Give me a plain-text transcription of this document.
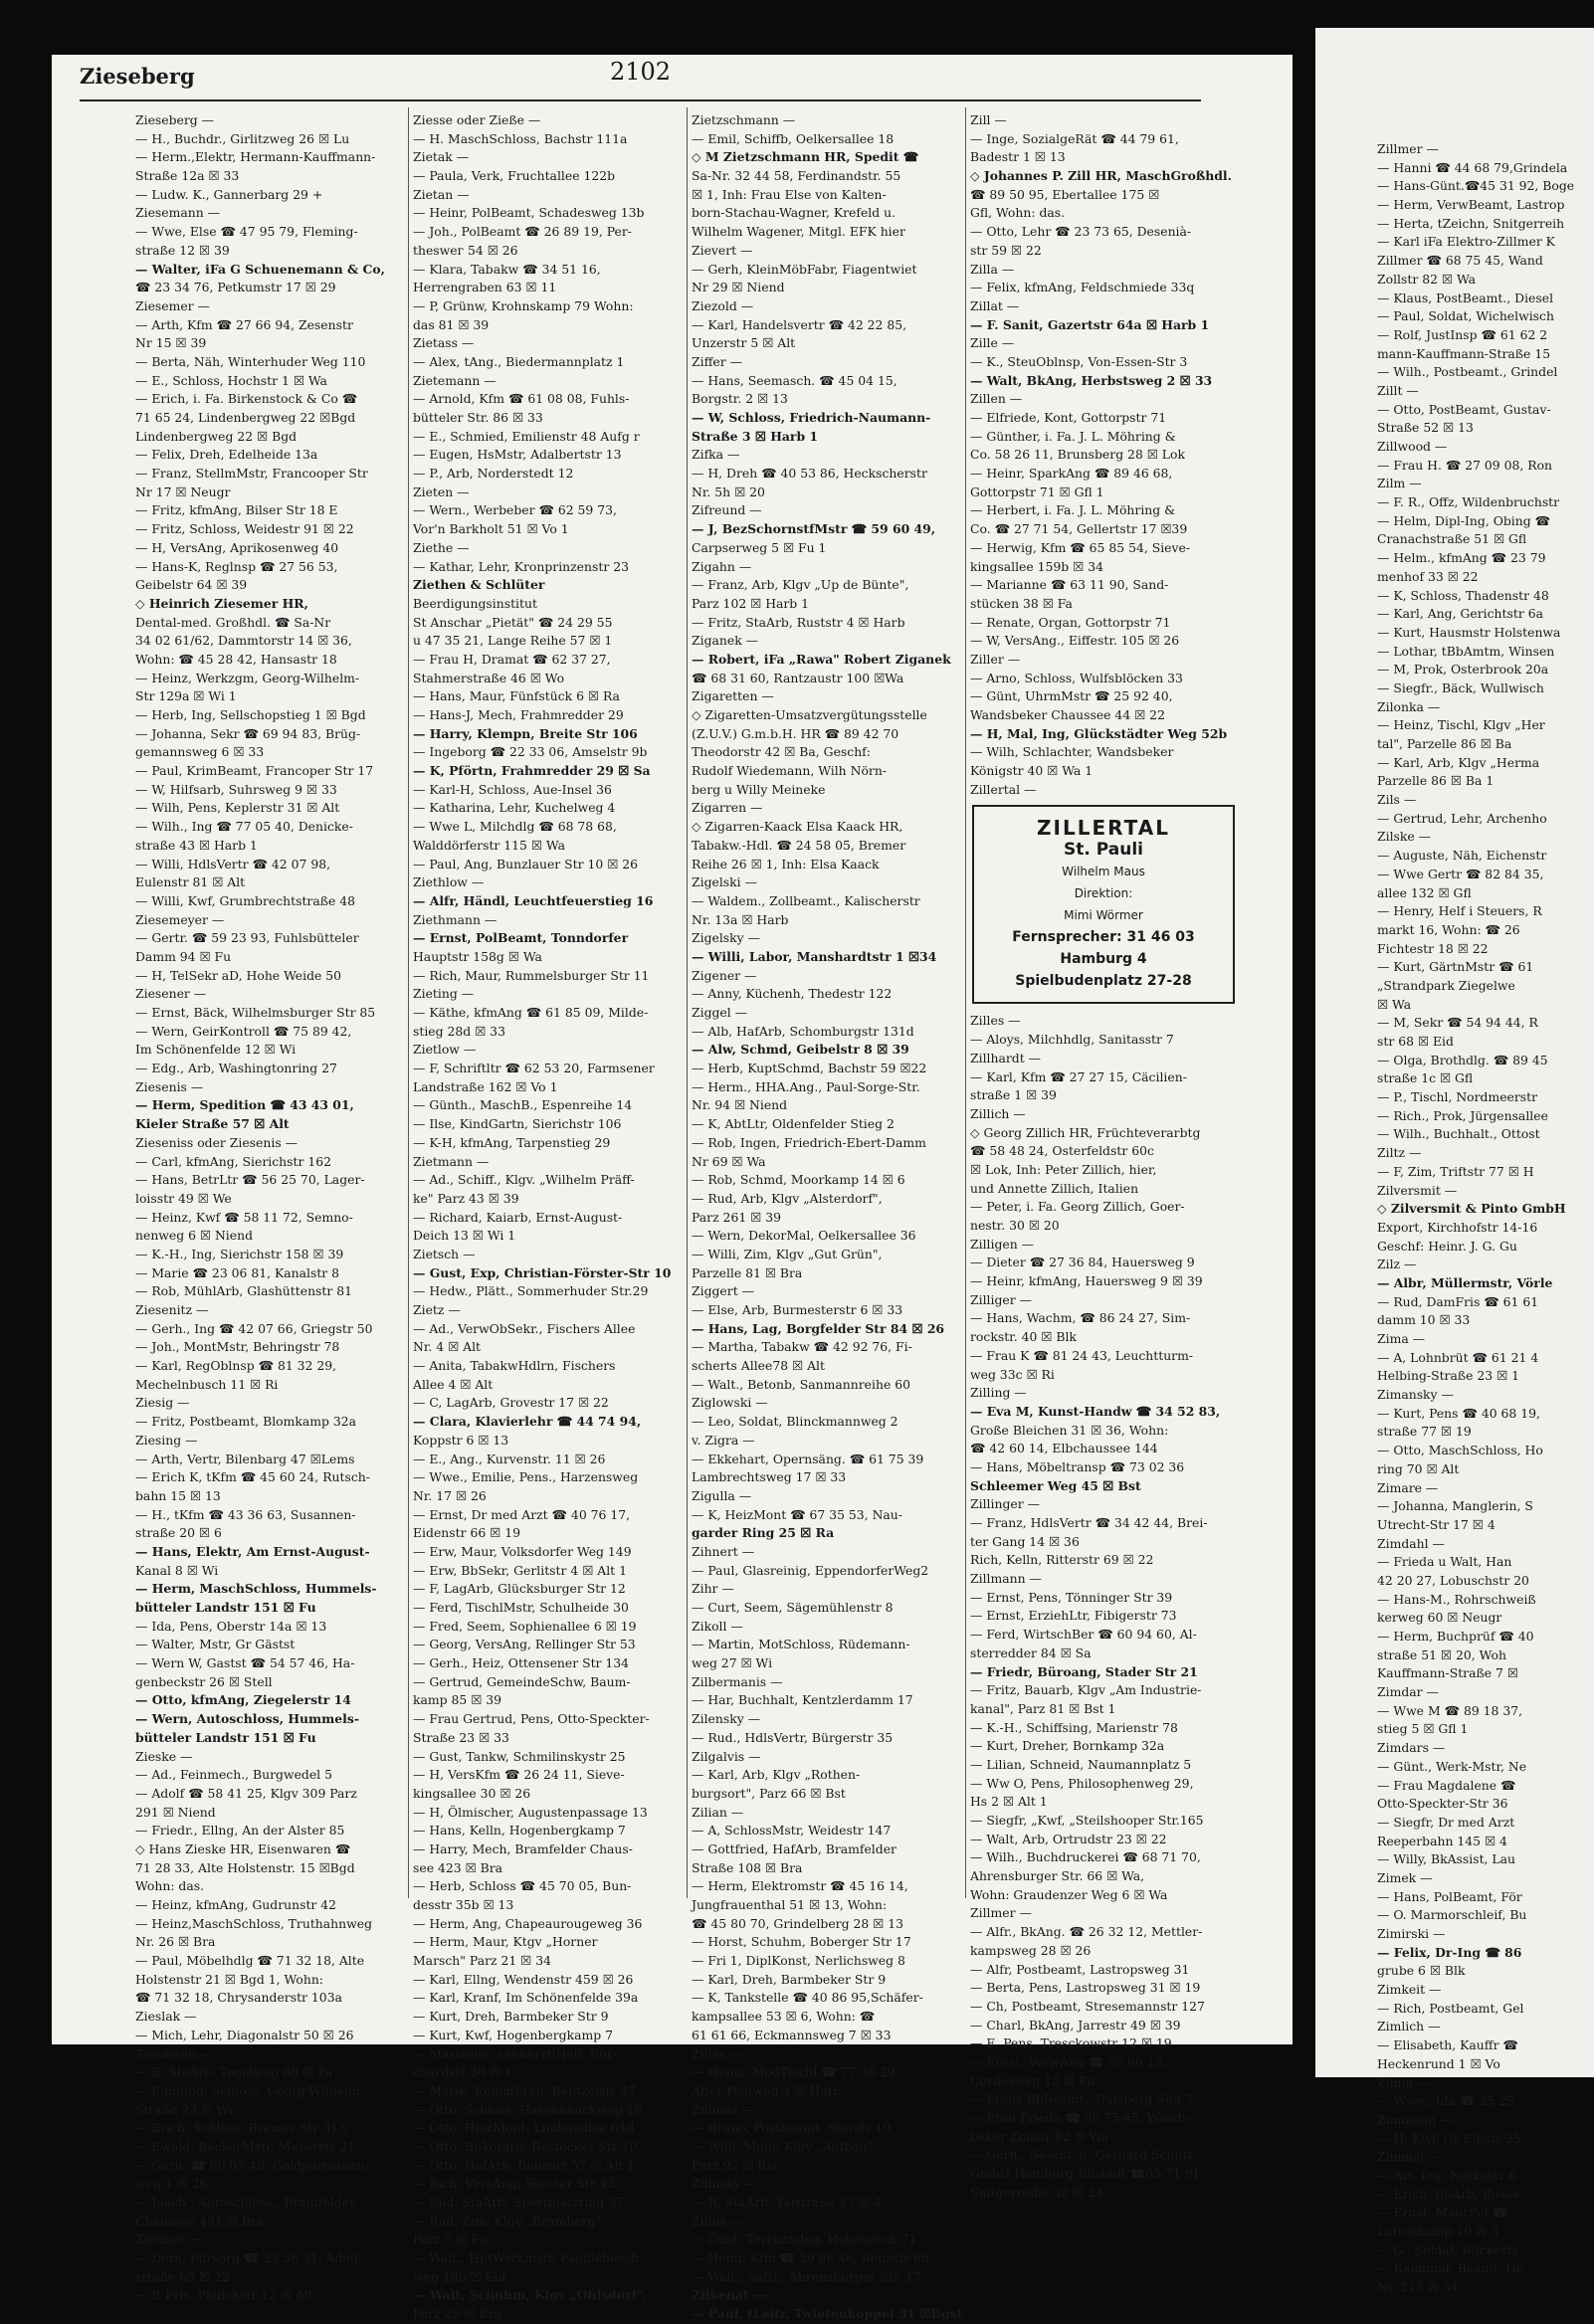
Zillmer —
— Hanni ☎ 44 68 79,Grindela
— Hans-Günt.☎45 31 92, Boge
— Herm, VerwBeamt, Lastrop
— Herta, tZeichn, Snitgerreih
— Karl iFa Elektro-Zillmer K
Zillmer ☎ 68 75 45, Wand
Zollstr 82 ☒ Wa
— Klaus, PostBeamt., Diesel
— Paul, Soldat, Wichelwisch
— Rolf, JustInsp ☎ 61 62 2
mann-Kauffmann-Straße 15
— Wilh., Postbeamt., Grindel
Zillt —
— Otto, PostBeamt, Gustav-
Straße 52 ☒ 13
Zillwood —
— Frau H. ☎ 27 09 08, Ron
Zilm —
— F. R., Offz, Wildenbruchstr
— Helm, Dipl-Ing, Obing ☎
Cranachstraße 51 ☒ Gfl
— Helm., kfmAng ☎ 23 79
menhof 33 ☒ 22
— K, Schloss, Thadenstr 48
— Karl, Ang, Gerichtstr 6a
— Kurt, Hausmstr Holstenwa
— Lothar, tBbAmtm, Winsen
— M, Prok, Osterbrook 20a
— Siegfr., Bäck, Wullwisch
Zilonka —
— Heinz, Tischl, Klgv „Her
tal", Parzelle 86 ☒ Ba
— Karl, Arb, Klgv „Herma
Parzelle 86 ☒ Ba 1
Zils —
— Gertrud, Lehr, Archenho
Zilske —
— Auguste, Näh, Eichenstr
— Wwe Gertr ☎ 82 84 35,
allee 132 ☒ Gfl
— Henry, Helf i Steuers, R
markt 16, Wohn: ☎ 26
Fichtestr 18 ☒ 22
— Kurt, GärtnMstr ☎ 61
„Strandpark Ziegelwe
☒ Wa
— M, Sekr ☎ 54 94 44, R
str 68 ☒ Eid
— Olga, Brothdlg. ☎ 89 45
straße 1c ☒ Gfl
— P., Tischl, Nordmeerstr
— Rich., Prok, Jürgensallee
— Wilh., Buchhalt., Ottost
Ziltz —
— F, Zim, Triftstr 77 ☒ H
Zilversmit —
◇ Zilversmit & Pinto GmbH
Export, Kirchhofstr 14-16
Geschf: Heinr. J. G. Gu
Zilz —
— Albr, Müllermstr, Vörle
— Rud, DamFris ☎ 61 61
damm 10 ☒ 33
Zima —
— A, Lohnbrüt ☎ 61 21 4
Helbing-Straße 23 ☒ 1
Zimansky —
— Kurt, Pens ☎ 40 68 19,
straße 77 ☒ 19
— Otto, MaschSchloss, Ho
ring 70 ☒ Alt
Zimare —
— Johanna, Manglerin, S
Utrecht-Str 17 ☒ 4
Zimdahl —
— Frieda u Walt, Han
42 20 27, Lobuschstr 20
— Hans-M., Rohrschweiß
kerweg 60 ☒ Neugr
— Herm, Buchprüf ☎ 40
straße 51 ☒ 20, Woh
Kauffmann-Straße 7 ☒
Zimdar —
— Wwe M ☎ 89 18 37,
stieg 5 ☒ Gfl 1
Zimdars —
— Günt., Werk-Mstr, Ne
— Frau Magdalene ☎
Otto-Speckter-Str 36
— Siegfr, Dr med Arzt
Reeperbahn 145 ☒ 4
— Willy, BkAssist, Lau
Zimek —
— Hans, PolBeamt, För
— O. Marmorschleif, Bu
Zimirski —
— Felix, Dr-Ing ☎ 86
grube 6 ☒ Blk
Zimkeit —
— Rich, Postbeamt, Gel
Zimlich —
— Elisabeth, Kauffr ☎
Heckenrund 1 ☒ Vo
Zimm —
— Wwe., Ida ☎ 25 25
Zimmann —
— H, Kwf, Gr Elbstr 25
Zimmat —
— Art, Ing, Notkestr 6
— Erich, BbArb, Rosee
— Ernst, MaurPol ☎
Lattenkamp 10 ☒ 3
— G., Soldat, Rückerts
— Raimund, Beamt, He
Nr. 215 ☒ 34
Zieseberg	2102
Zieseberg —
— H., Buchdr., Girlitzweg 26 ☒ Lu
— Herm.,Elektr, Hermann-Kauffmann-
Straße 12a ☒ 33
— Ludw. K., Gannerbarg 29 +
Ziesemann —
— Wwe, Else ☎ 47 95 79, Fleming-
straße 12 ☒ 39
— Walter, iFa G Schuenemann & Co,
☎ 23 34 76, Petkumstr 17 ☒ 29
Ziesemer —
— Arth, Kfm ☎ 27 66 94, Zesenstr
Nr 15 ☒ 39
— Berta, Näh, Winterhuder Weg 110
— E., Schloss, Hochstr 1 ☒ Wa
— Erich, i. Fa. Birkenstock & Co ☎
71 65 24, Lindenbergweg 22 ☒Bgd
Lindenbergweg 22 ☒ Bgd
— Felix, Dreh, Edelheide 13a
— Franz, StellmMstr, Francooper Str
Nr 17 ☒ Neugr
— Fritz, kfmAng, Bilser Str 18 E
— Fritz, Schloss, Weidestr 91 ☒ 22
— H, VersAng, Aprikosenweg 40
— Hans-K, Reglnsp ☎ 27 56 53,
Geibelstr 64 ☒ 39
◇ Heinrich Ziesemer HR,
Dental-med. Großhdl. ☎ Sa-Nr
34 02 61/62, Dammtorstr 14 ☒ 36,
Wohn: ☎ 45 28 42, Hansastr 18
— Heinz, Werkzgm, Georg-Wilhelm-
Str 129a ☒ Wi 1
— Herb, Ing, Sellschopstieg 1 ☒ Bgd
— Johanna, Sekr ☎ 69 94 83, Brüg-
gemannsweg 6 ☒ 33
— Paul, KrimBeamt, Francoper Str 17
— W, Hilfsarb, Suhrsweg 9 ☒ 33
— Wilh, Pens, Keplerstr 31 ☒ Alt
— Wilh., Ing ☎ 77 05 40, Denicke-
straße 43 ☒ Harb 1
— Willi, HdlsVertr ☎ 42 07 98,
Eulenstr 81 ☒ Alt
— Willi, Kwf, Grumbrechtstraße 48
Ziesemeyer —
— Gertr. ☎ 59 23 93, Fuhlsbütteler
Damm 94 ☒ Fu
— H, TelSekr aD, Hohe Weide 50
Ziesener —
— Ernst, Bäck, Wilhelmsburger Str 85
— Wern, GeirKontroll ☎ 75 89 42,
Im Schönenfelde 12 ☒ Wi
— Edg., Arb, Washingtonring 27
Ziesenis —
— Herm, Spedition ☎ 43 43 01,
Kieler Straße 57 ☒ Alt
Zieseniss oder Ziesenis —
— Carl, kfmAng, Sierichstr 162
— Hans, BetrLtr ☎ 56 25 70, Lager-
loisstr 49 ☒ We
— Heinz, Kwf ☎ 58 11 72, Semno-
nenweg 6 ☒ Niend
— K.-H., Ing, Sierichstr 158 ☒ 39
— Marie ☎ 23 06 81, Kanalstr 8
— Rob, MühlArb, Glashüttenstr 81
Ziesenitz —
— Gerh., Ing ☎ 42 07 66, Griegstr 50
— Joh., MontMstr, Behringstr 78
— Karl, RegOblnsp ☎ 81 32 29,
Mechelnbusch 11 ☒ Ri
Ziesig —
— Fritz, Postbeamt, Blomkamp 32a
Ziesing —
— Arth, Vertr, Bilenbarg 47 ☒Lems
— Erich K, tKfm ☎ 45 60 24, Rutsch-
bahn 15 ☒ 13
— H., tKfm ☎ 43 36 63, Susannen-
straße 20 ☒ 6
— Hans, Elektr, Am Ernst-August-
Kanal 8 ☒ Wi
— Herm, MaschSchloss, Hummels-
bütteler Landstr 151 ☒ Fu
— Ida, Pens, Oberstr 14a ☒ 13
— Walter, Mstr, Gr Gästst
— Wern W, Gastst ☎ 54 57 46, Ha-
genbeckstr 26 ☒ Stell
— Otto, kfmAng, Ziegelerstr 14
— Wern, Autoschloss, Hummels-
bütteler Landstr 151 ☒ Fu
Zieske —
— Ad., Feinmech., Burgwedel 5
— Adolf ☎ 58 41 25, Klgv 309 Parz
291 ☒ Niend
— Friedr., Ellng, An der Alster 85
◇ Hans Zieske HR, Eisenwaren ☎
71 28 33, Alte Holstenstr. 15 ☒Bgd
Wohn: das.
— Heinz, kfmAng, Gudrunstr 42
— Heinz,MaschSchloss, Truthahnweg
Nr. 26 ☒ Bra
— Paul, Möbelhdlg ☎ 71 32 18, Alte
Holstenstr 21 ☒ Bgd 1, Wohn:
☎ 71 32 18, Chrysanderstr 103a
Zieslak —
— Mich, Lehr, Diagonalstr 50 ☒ 26
Ziesmann —
— E, StaArb, Tegelweg 80 ☒ Fa
— Edmund, Schloss, Georg-Wilhelm-
Straße 23 ☒ Wi
— Erich, Schloss, Bremer Str 313
— Ewald, BäckerMstr, Meyerstr 21
— Gerh. ☎ 60 87 48, Goldparmänen-
weg 1 ☒ 26
— Joach., Autoschloss., Bramfelder
Chaussee 491 ☒ Bra
Ziesmer —
— Dora, Fürsorg ☎ 23 36 31, Adolf-
straße 69 ☒ 22
— P, Fris, Planckstr 12 ☒ Alt
Ziesse oder Zieße —
— H. MaschSchloss, Bachstr 111a
Zietak —
— Paula, Verk, Fruchtallee 122b
Zietan —
— Heinr, PolBeamt, Schadesweg 13b
— Joh., PolBeamt ☎ 26 89 19, Per-
theswег 54 ☒ 26
— Klara, Tabakw ☎ 34 51 16,
Herrengraben 63 ☒ 11
— P, Grünw, Krohnskamp 79 Wohn:
das 81 ☒ 39
Zietass —
— Alex, tAng., Biedermannplatz 1
Zietemann —
— Arnold, Kfm ☎ 61 08 08, Fuhls-
bütteler Str. 86 ☒ 33
— E., Schmied, Emilienstr 48 Aufg r
— Eugen, HsMstr, Adalbertstr 13
— P., Arb, Norderstedt 12
Zieten —
— Wern., Werbeber ☎ 62 59 73,
Vor'n Barkholt 51 ☒ Vo 1
Ziethe —
— Kathar, Lehr, Kronprinzenstr 23
Ziethen & Schlüter
Beerdigungsinstitut
St Anschar „Pietät" ☎ 24 29 55
u 47 35 21, Lange Reihe 57 ☒ 1
— Frau H, Dramat ☎ 62 37 27,
Stahmerstraße 46 ☒ Wo
— Hans, Maur, Fünfstück 6 ☒ Ra
— Hans-J, Mech, Frahmredder 29
— Harry, Klempn, Breite Str 106
— Ingeborg ☎ 22 33 06, Amselstr 9b
— K, Pförtn, Frahmredder 29 ☒ Sa
— Karl-H, Schloss, Aue-Insel 36
— Katharina, Lehr, Kuchelweg 4
— Wwe L, Milchdlg ☎ 68 78 68,
Walddörferstr 115 ☒ Wa
— Paul, Ang, Bunzlauer Str 10 ☒ 26
Ziethlow —
— Alfr, Händl, Leuchtfeuerstieg 16
Ziethmann —
— Ernst, PolBeamt, Tonndorfer
Hauptstr 158g ☒ Wa
— Rich, Maur, Rummelsburger Str 11
Zieting —
— Käthe, kfmAng ☎ 61 85 09, Milde-
stieg 28d ☒ 33
Zietlow —
— F, Schriftltr ☎ 62 53 20, Farmsener
Landstraße 162 ☒ Vo 1
— Günth., MaschB., Espenreihe 14
— Ilse, KindGartn, Sierichstr 106
— K-H, kfmAng, Tarpenstieg 29
Zietmann —
— Ad., Schiff., Klgv. „Wilhelm Präff-
ke" Parz 43 ☒ 39
— Richard, Kaiarb, Ernst-August-
Deich 13 ☒ Wi 1
Zietsch —
— Gust, Exp, Christian-Förster-Str 10
— Hedw., Plätt., Sommerhuder Str.29
Zietz —
— Ad., VerwObSekr., Fischers Allee
Nr. 4 ☒ Alt
— Anita, TabakwHdlrn, Fischers
Allee 4 ☒ Alt
— C, LagArb, Grovestr 17 ☒ 22
— Clara, Klavierlehr ☎ 44 74 94,
Koppstr 6 ☒ 13
— E., Ang., Kurvenstr. 11 ☒ 26
— Wwe., Emilie, Pens., Harzensweg
Nr. 17 ☒ 26
— Ernst, Dr med Arzt ☎ 40 76 17,
Eidenstr 66 ☒ 19
— Erw, Maur, Volksdorfer Weg 149
— Erw, BbSekr, Gerlitstr 4 ☒ Alt 1
— F, LagArb, Glücksburger Str 12
— Ferd, TischlMstr, Schulheide 30
— Fred, Seem, Sophienallee 6 ☒ 19
— Georg, VersAng, Rellinger Str 53
— Gerh., Heiz, Ottensener Str 134
— Gertrud, GemeindeSchw, Baum-
kamp 85 ☒ 39
— Frau Gertrud, Pens, Otto-Speckter-
Straße 23 ☒ 33
— Gust, Tankw, Schmilinskystr 25
— H, VersKfm ☎ 26 24 11, Sieve-
kingsallee 30 ☒ 26
— H, Ölmischer, Augustenpassage 13
— Hans, Kelln, Hogenbergkamp 7
— Harry, Mech, Bramfelder Chaus-
see 423 ☒ Bra
— Herb, Schloss ☎ 45 70 05, Bun-
desstr 35b ☒ 13
— Herm, Ang, Chapeaurougeweg 36
— Herm, Maur, Ktgv „Horner
Marsch" Parz 21 ☒ 34
— Karl, Ellng, Wendenstr 459 ☒ 26
— Karl, Kranf, Im Schönenfelde 39a
— Kurt, Dreh, Barmbeker Str 9
— Kurt, Kwf, Hogenbergkamp 7
— Marianne, zahnärztlHelf, Bur-
chardstr 20 ☒ 1
— Marie, ReinmFrau, Rentzelstr 47
— Otto, Schloss, Hasenbanckweg 18
— Otto, HeizMont, Lindenallee 64d
— Otto, BbVorarb, Rostocker Str 10
— Otto, HafArb, Behnstr 57 ☒ Alt 1
— Rich, VersAng, Soester Str 43
— Rud, StaArb, Sportplatzring 37
— Rud, Zim, Klgv „Bramberg"
Parz 7 ☒ Fu
— Walt., HptWerkmstr, Papillebusch-
weg 18b ☒ Eid
— Walt, Schuhm, Klgv „Ohlsdorf",
Parz 29 ☒ Bra
Zietzschmann —
— Emil, Schiffb, Oelkersallee 18
◇ M Zietzschmann HR, Spedit ☎
Sa-Nr. 32 44 58, Ferdinandstr. 55
☒ 1, Inh: Frau Else von Kalten-
born-Stachau-Wagner, Krefeld u.
Wilhelm Wagener, Mitgl. EFK hier
Zievert —
— Gerh, KleinMöbFabr, Fiagentwiet
Nr 29 ☒ Niend
Ziezold —
— Karl, Handelsvertr ☎ 42 22 85,
Unzerstr 5 ☒ Alt
Ziffer —
— Hans, Seemasch. ☎ 45 04 15,
Borgstr. 2 ☒ 13
— W, Schloss, Friedrich-Naumann-
Straße 3 ☒ Harb 1
Zifka —
— H, Dreh ☎ 40 53 86, Heckscherstr
Nr. 5h ☒ 20
Zifreund —
— J, BezSchornstfMstr ☎ 59 60 49,
Carpserweg 5 ☒ Fu 1
Zigahn —
— Franz, Arb, Klgv „Up de Bünte",
Parz 102 ☒ Harb 1
— Fritz, StaArb, Ruststr 4 ☒ Harb
Ziganek —
— Robert, iFa „Rawa" Robert Ziganek
☎ 68 31 60, Rantzaustr 100 ☒Wa
Zigaretten —
◇ Zigaretten-Umsatzvergütungsstelle
(Z.U.V.) G.m.b.H. HR ☎ 89 42 70
Theodorstr 42 ☒ Ba, Geschf:
Rudolf Wiedemann, Wilh Nörn-
berg u Willy Meineke
Zigarren —
◇ Zigarren-Kaack Elsa Kaack HR,
Tabakw.-Hdl. ☎ 24 58 05, Bremer
Reihe 26 ☒ 1, Inh: Elsa Kaack
Zigelski —
— Waldem., Zollbeamt., Kalischerstr
Nr. 13a ☒ Harb
Zigelsky —
— Willi, Labor, Manshardtstr 1 ☒34
Zigener —
— Anny, Küchenh, Thedestr 122
Ziggel —
— Alb, HafArb, Schomburgstr 131d
— Alw, Schmd, Geibelstr 8 ☒ 39
— Herb, KuptSchmd, Bachstr 59 ☒22
— Herm., HHA.Ang., Paul-Sorge-Str.
Nr. 94 ☒ Niend
— K, AbtLtr, Oldenfelder Stieg 2
— Rob, Ingen, Friedrich-Ebert-Damm
Nr 69 ☒ Wa
— Rob, Schmd, Moorkamp 14 ☒ 6
— Rud, Arb, Klgv „Alsterdorf",
Parz 261 ☒ 39
— Wern, DekorMal, Oelkersallee 36
— Willi, Zim, Klgv „Gut Grün",
Parzelle 81 ☒ Bra
Ziggert —
— Else, Arb, Burmesterstr 6 ☒ 33
— Hans, Lag, Borgfelder Str 84 ☒ 26
— Martha, Tabakw ☎ 42 92 76, Fi-
scherts Allee78 ☒ Alt
— Walt., Betonb, Sanmannreihe 60
Ziglowski —
— Leo, Soldat, Blinckmannweg 2
v. Zigra —
— Ekkehart, Opernsäng. ☎ 61 75 39
Lambrechtsweg 17 ☒ 33
Zigulla —
— K, HeizMont ☎ 67 35 53, Nau-
garder Ring 25 ☒ Ra
Zihnert —
— Paul, Glasreinig, EppendorferWeg2
Zihr —
— Curt, Seem, Sägemühlenstr 8
Zikoll —
— Martin, MotSchloss, Rüdemann-
weg 27 ☒ Wi
Zilbermanis —
— Har, Buchhalt, Kentzlerdamm 17
Zilensky —
— Rud., HdlsVertr, Bürgerstr 35
Zilgalvis —
— Karl, Arb, Klgv „Rothen-
burgsort", Parz 66 ☒ Bst
Zilian —
— A, SchlossMstr, Weidestr 147
— Gottfried, HafArb, Bramfelder
Straße 108 ☒ Bra
— Herm, Elektromstr ☎ 45 16 14,
Jungfrauenthal 51 ☒ 13, Wohn:
☎ 45 80 70, Grindelberg 28 ☒ 13
— Horst, Schuhm, Boberger Str 17
— Fri 1, DiplKonst, Nerlichsweg 8
— Karl, Dreh, Barmbeker Str 9
— K, Tankstelle ☎ 40 86 95,Schäfer-
kampsallee 53 ☒ 6, Wohn: ☎
61 61 66, Eckmannsweg 7 ☒ 33
Zilias —
— Heinz, ModTischl ☎ 77 36 29,
Alter Postweg 4 ☒ Harb
Zilinski —
— Bruno, Postbeamt, Starstr 19
— Willi, Maur, Klgv „Aufbau",
Parz 92 ☒ Bst
Zilinsky —
— R, StaArb, Talstraße 57 ☒ 4
Zilius —
— Günt, Terrazzoleg, Hohenesch 71
— Heinr, Kfm ☎ 59 98 46, Benzstr 6h
— Walt., Sattl., Ahrensburger Str. 17
Zilkenat —
— Paul, tLeitr, Twietenkoppel 31 ☒Bgst
Zill —
— Inge, SozialgeRät ☎ 44 79 61,
Badestr 1 ☒ 13
◇ Johannes P. Zill HR, MaschGroßhdl.
☎ 89 50 95, Ebertallee 175 ☒
Gfl, Wohn: das.
— Otto, Lehr ☎ 23 73 65, Desenià-
str 59 ☒ 22
Zilla —
— Felix, kfmAng, Feldschmiede 33q
Zillat —
— F. Sanit, Gazertstr 64a ☒ Harb 1
Zille —
— K., SteuOblnsp, Von-Essen-Str 3
— Walt, BkAng, Herbstsweg 2 ☒ 33
Zillen —
— Elfriede, Kont, Gottorpstr 71
— Günther, i. Fa. J. L. Möhring &
Co. 58 26 11, Brunsberg 28 ☒ Lok
— Heinr, SparkAng ☎ 89 46 68,
Gottorpstr 71 ☒ Gfl 1
— Herbert, i. Fa. J. L. Möhring &
Co. ☎ 27 71 54, Gellertstr 17 ☒39
— Herwig, Kfm ☎ 65 85 54, Sieve-
kingsallee 159b ☒ 34
— Marianne ☎ 63 11 90, Sand-
stücken 38 ☒ Fa
— Renate, Organ, Gottorpstr 71
— W, VersAng., Eiffestr. 105 ☒ 26
Ziller —
— Arno, Schloss, Wulfsblöcken 33
— Günt, UhrmMstr ☎ 25 92 40,
Wandsbeker Chaussee 44 ☒ 22
— H, Mal, Ing, Glückstädter Weg 52b
— Wilh, Schlachter, Wandsbeker
Königstr 40 ☒ Wa 1
Zillertal —
ZILLERTAL
St. Pauli
Wilhelm Maus
Direktion:
Mimi Wörmer
Fernsprecher: 31 46 03
Hamburg 4
Spielbudenplatz 27-28
Zilles —
— Aloys, Milchhdlg, Sanitasstr 7
Zillhardt —
— Karl, Kfm ☎ 27 27 15, Cäcilien-
straße 1 ☒ 39
Zillich —
◇ Georg Zillich HR, Früchteverarbtg
☎ 58 48 24, Osterfeldstr 60c
☒ Lok, Inh: Peter Zillich, hier,
und Annette Zillich, Italien
— Peter, i. Fa. Georg Zillich, Goer-
nestr. 30 ☒ 20
Zilligen —
— Dieter ☎ 27 36 84, Hauersweg 9
— Heinr, kfmAng, Hauersweg 9 ☒ 39
Zilliger —
— Hans, Wachm, ☎ 86 24 27, Sim-
rockstr. 40 ☒ Blk
— Frau K ☎ 81 24 43, Leuchtturm-
weg 33c ☒ Ri
Zilling —
— Eva M, Kunst-Handw ☎ 34 52 83,
Große Bleichen 31 ☒ 36, Wohn:
☎ 42 60 14, Elbchaussee 144
— Hans, Möbeltransp ☎ 73 02 36
Schleemer Weg 45 ☒ Bst
Zillinger —
— Franz, HdlsVertr ☎ 34 42 44, Brei-
ter Gang 14 ☒ 36
Rich, Kelln, Ritterstr 69 ☒ 22
Zillmann —
— Ernst, Pens, Tönninger Str 39
— Ernst, ErziehLtr, Fibigerstr 73
— Ferd, WirtschBer ☎ 60 94 60, Al-
sterredder 84 ☒ Sa
— Friedr, Büroang, Stader Str 21
— Fritz, Bauarb, Klgv „Am Industrie-
kanal", Parz 81 ☒ Bst 1
— K.-H., Schiffsing, Marienstr 78
— Kurt, Dreher, Bornkamp 32a
— Lilian, Schneid, Naumannplatz 5
— Ww O, Pens, Philosophenweg 29,
Hs 2 ☒ Alt 1
— Siegfr, „Kwf, „Steilshooper Str.165
— Walt, Arb, Ortrudstr 23 ☒ 22
— Wilh., Buchdruckerei ☎ 68 71 70,
Ahrensburger Str. 66 ☒ Wa,
Wohn: Graudenzer Weg 6 ☒ Wa
Zillmer —
— Alfr., BkAng. ☎ 26 32 12, Mettler-
kampsweg 28 ☒ 26
— Alfr, Postbeamt, Lastropsweg 31
— Berta, Pens, Lastropsweg 31 ☒ 19
— Ch, Postbeamt, Stresemannstr 127
— Charl, BkAng, Jarrestr 49 ☒ 39
— E, Pens, Tresckowstr 12 ☒ 19
— Ernst, VerwAng ☎ 59 80 15,
Cordesweg 15 ☒ Fu
— Franz BbBeamt., Dulsberg-Süd 7
— Frau Frieda ☎ 68 75 45, Wands-
beker Zollstr 82 ☒ Wa
— Gerh., Geschf, d. Gerhard Schulz
GmbH Hamburg-Bilstedt ☎65 71 91
Snitgerreihe 32 ☒ 24
